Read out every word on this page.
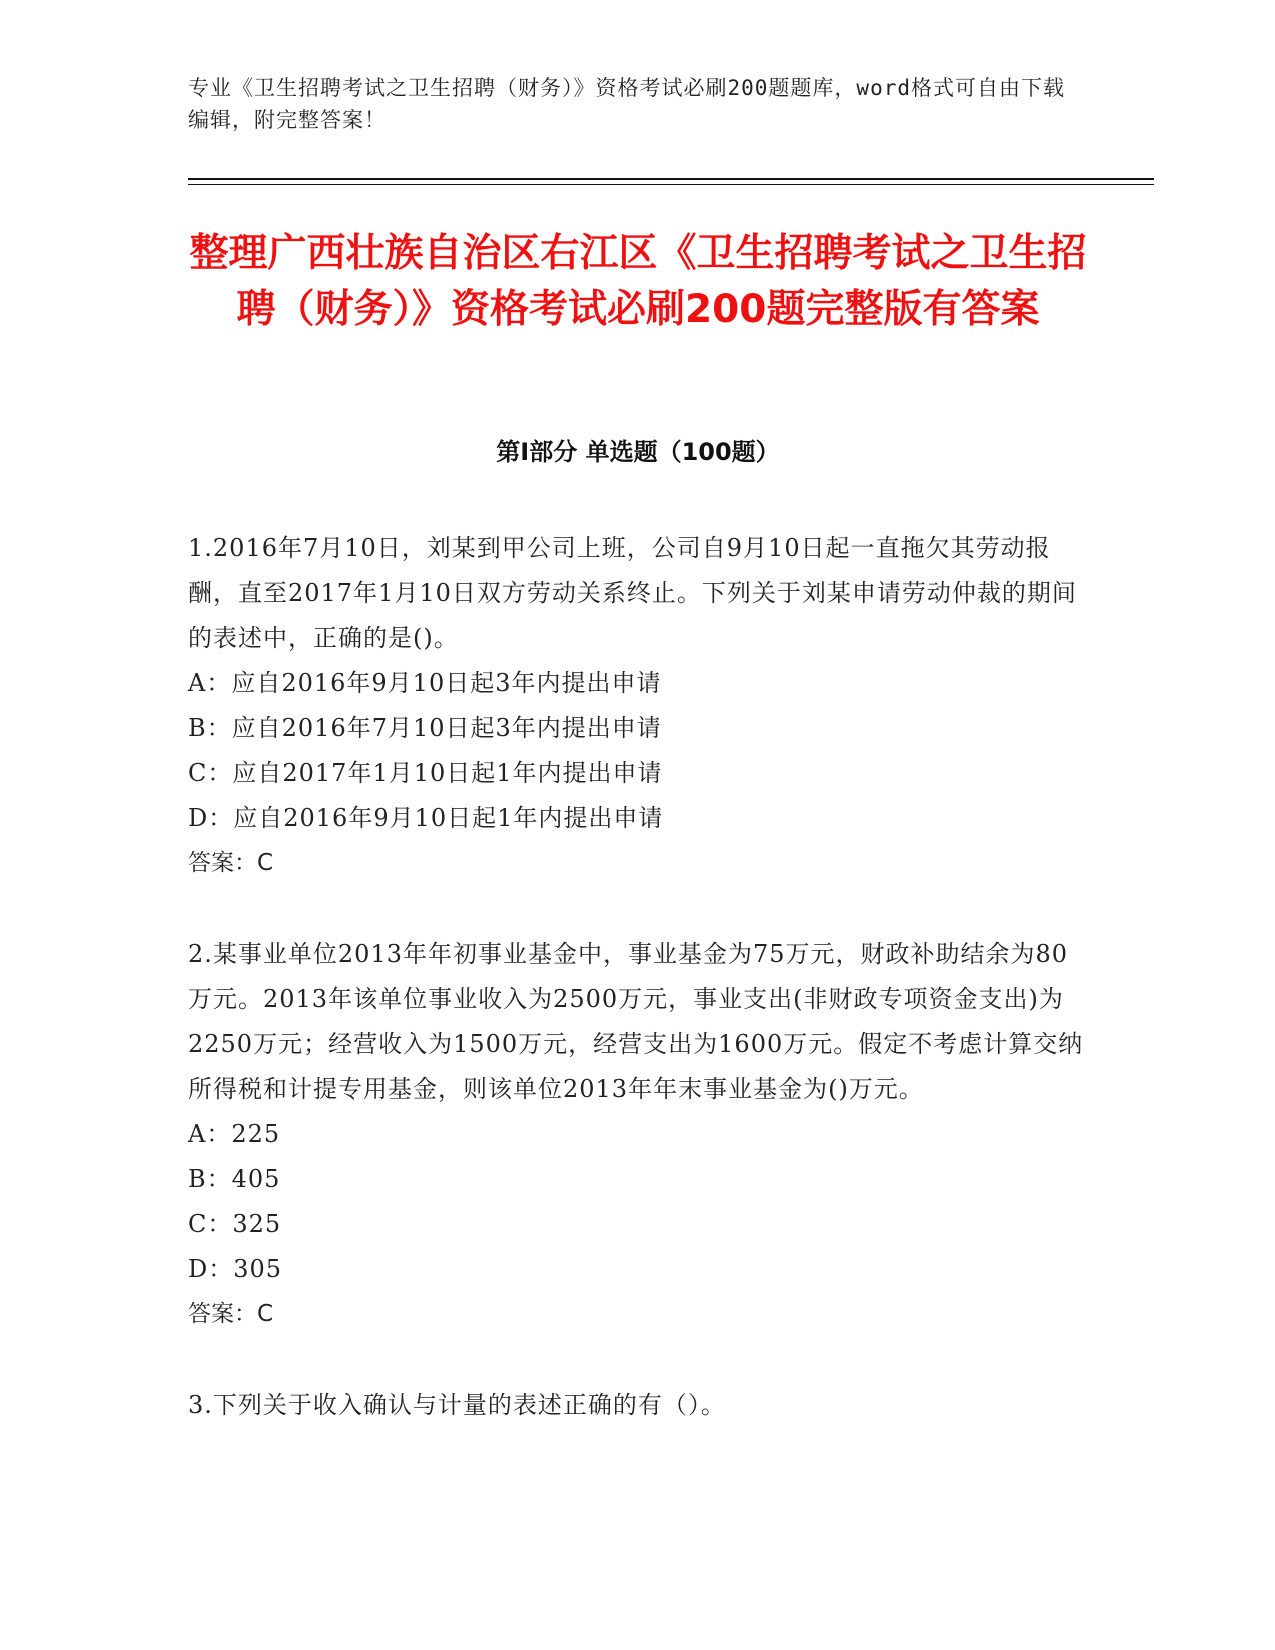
专业《卫生招聘考试之卫生招聘（财务）》资格考试必刷200题题库，word格式可自由下载编辑，附完整答案！
整理广西壮族自治区右江区《卫生招聘考试之卫生招聘（财务）》资格考试必刷200题完整版有答案
第Ⅰ部分 单选题（100题）
1.2016年7月10日，刘某到甲公司上班，公司自9月10日起一直拖欠其劳动报酬，直至2017年1月10日双方劳动关系终止。下列关于刘某申请劳动仲裁的期间的表述中，正确的是()。
A：应自2016年9月10日起3年内提出申请
B：应自2016年7月10日起3年内提出申请
C：应自2017年1月10日起1年内提出申请
D：应自2016年9月10日起1年内提出申请
答案：C
2.某事业单位2013年年初事业基金中，事业基金为75万元，财政补助结余为80万元。2013年该单位事业收入为2500万元，事业支出(非财政专项资金支出)为2250万元；经营收入为1500万元，经营支出为1600万元。假定不考虑计算交纳所得税和计提专用基金，则该单位2013年年末事业基金为()万元。
A：225
B：405
C：325
D：305
答案：C
3.下列关于收入确认与计量的表述正确的有（）。
